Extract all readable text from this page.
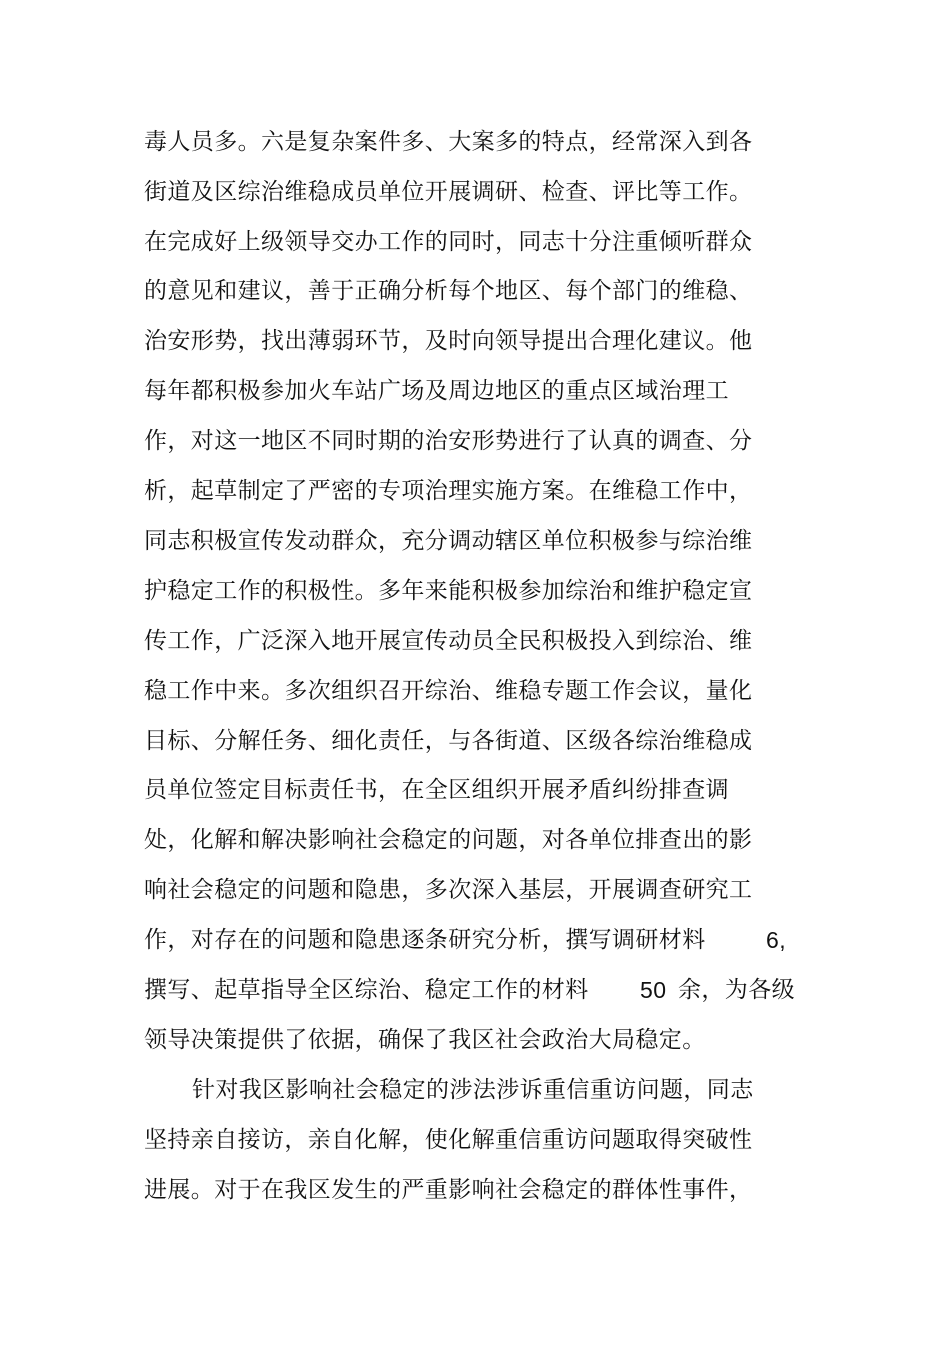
毒人员多。六是复杂案件多、大案多的特点，经常深入到各
街道及区综治维稳成员单位开展调研、检查、评比等工作。
在完成好上级领导交办工作的同时，同志十分注重倾听群众
的意见和建议，善于正确分析每个地区、每个部门的维稳、
治安形势，找出薄弱环节，及时向领导提出合理化建议。他
每年都积极参加火车站广场及周边地区的重点区域治理工
作，对这一地区不同时期的治安形势进行了认真的调查、分
析，起草制定了严密的专项治理实施方案。在维稳工作中，
同志积极宣传发动群众，充分调动辖区单位积极参与综治维
护稳定工作的积极性。多年来能积极参加综治和维护稳定宣
传工作，广泛深入地开展宣传动员全民积极投入到综治、维
稳工作中来。多次组织召开综治、维稳专题工作会议，量化
目标、分解任务、细化责任，与各街道、区级各综治维稳成
员单位签定目标责任书，在全区组织开展矛盾纠纷排查调
处，化解和解决影响社会稳定的问题，对各单位排查出的影
响社会稳定的问题和隐患，多次深入基层，开展调查研究工
作，对存在的问题和隐患逐条研究分析，撰写调研材料	6,
撰写、起草指导全区综治、稳定工作的材料 50 余，为各级
领导决策提供了依据，确保了我区社会政治大局稳定。
针对我区影响社会稳定的涉法涉诉重信重访问题，同志
坚持亲自接访，亲自化解，使化解重信重访问题取得突破性
进展。对于在我区发生的严重影响社会稳定的群体性事件，
